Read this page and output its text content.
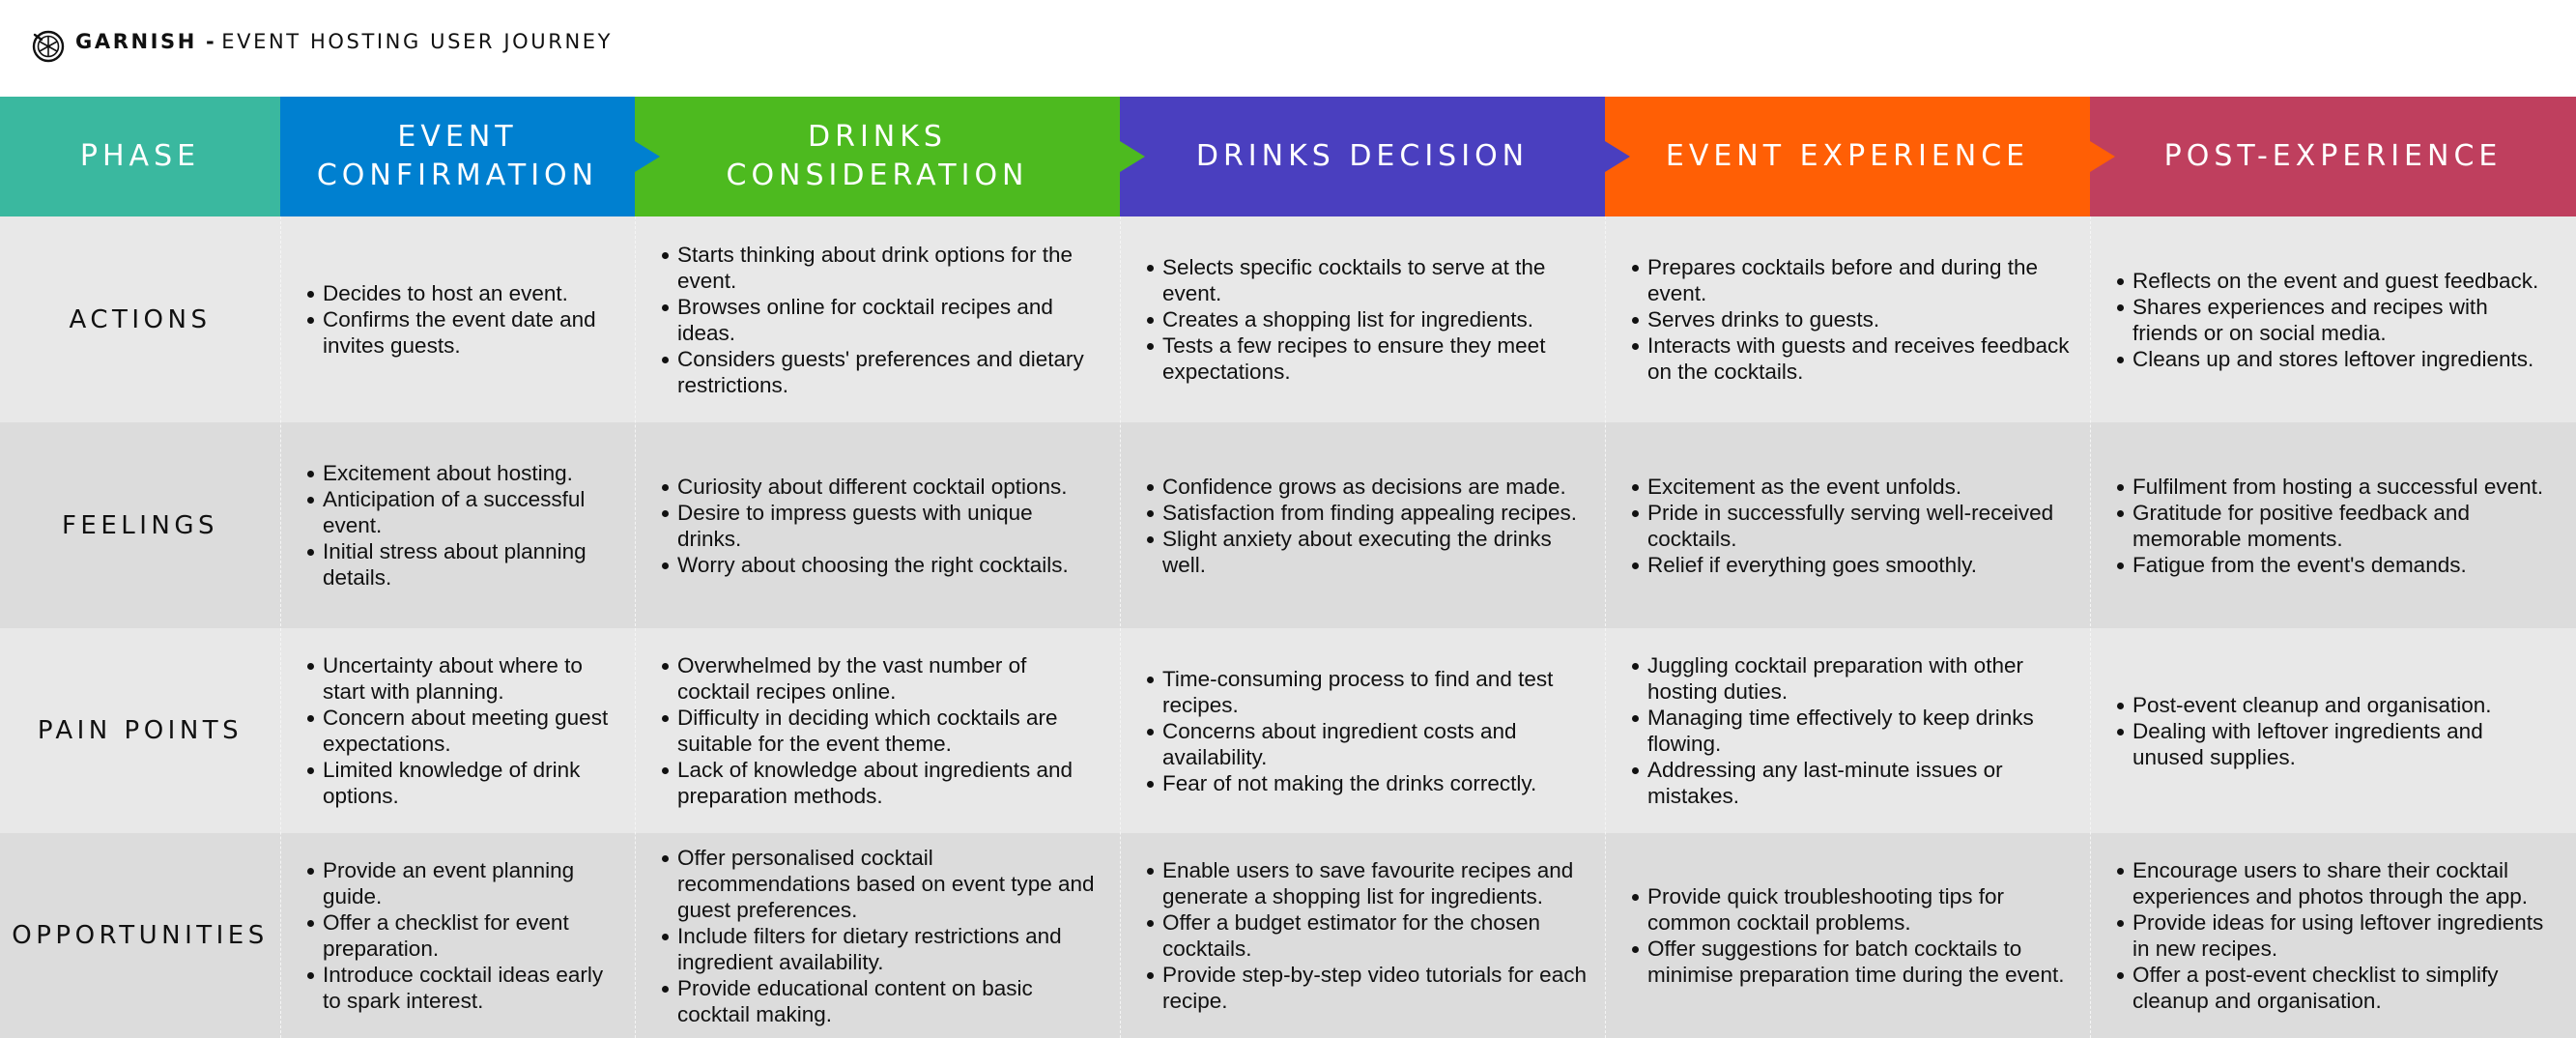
GARNISH - EVENT HOSTING USER JOURNEY
PHASE
EVENT CONFIRMATION
DRINKS CONSIDERATION
DRINKS DECISION	EVENT EXPERIENCE	POST-EXPERIENCE
ACTIONS
Decides to host an event.
Confirms the event date and invites guests.
Starts thinking about drink options for the event.
Browses online for cocktail recipes and ideas.
Considers guests' preferences and dietary restrictions.
Selects specific cocktails to serve at the event.
Creates a shopping list for ingredients.
Tests a few recipes to ensure they meet expectations.
Prepares cocktails before and during the event.
Serves drinks to guests.
Interacts with guests and receives feedback on the cocktails.
Reflects on the event and guest feedback.
Shares experiences and recipes with friends or on social media.
Cleans up and stores leftover ingredients.
FEELINGS
Excitement about hosting.
Anticipation of a successful event.
Initial stress about planning details.
Curiosity about different cocktail options.
Desire to impress guests with unique drinks.
Worry about choosing the right cocktails.
Confidence grows as decisions are made.
Satisfaction from finding appealing recipes.
Slight anxiety about executing the drinks well.
Excitement as the event unfolds.
Pride in successfully serving well-received cocktails.
Relief if everything goes smoothly.
Fulfilment from hosting a successful event.
Gratitude for positive feedback and memorable moments.
Fatigue from the event's demands.
PAIN POINTS
Uncertainty about where to start with planning.
Concern about meeting guest expectations.
Limited knowledge of drink options.
Overwhelmed by the vast number of cocktail recipes online.
Difficulty in deciding which cocktails are suitable for the event theme.
Lack of knowledge about ingredients and preparation methods.
Time-consuming process to find and test recipes.
Concerns about ingredient costs and availability.
Fear of not making the drinks correctly.
Juggling cocktail preparation with other hosting duties.
Managing time effectively to keep drinks flowing.
Addressing any last-minute issues or mistakes.
Post-event cleanup and organisation.
Dealing with leftover ingredients and unused supplies.
OPPORTUNITIES
Provide an event planning guide.
Offer a checklist for event preparation.
Introduce cocktail ideas early to spark interest.
Offer personalised cocktail recommendations based on event type and guest preferences.
Include filters for dietary restrictions and ingredient availability.
Provide educational content on basic cocktail making.
Enable users to save favourite recipes and generate a shopping list for ingredients.
Offer a budget estimator for the chosen cocktails.
Provide step-by-step video tutorials for each recipe.
Provide quick troubleshooting tips for common cocktail problems.
Offer suggestions for batch cocktails to minimise preparation time during the event.
Encourage users to share their cocktail experiences and photos through the app.
Provide ideas for using leftover ingredients in new recipes.
Offer a post-event checklist to simplify cleanup and organisation.
